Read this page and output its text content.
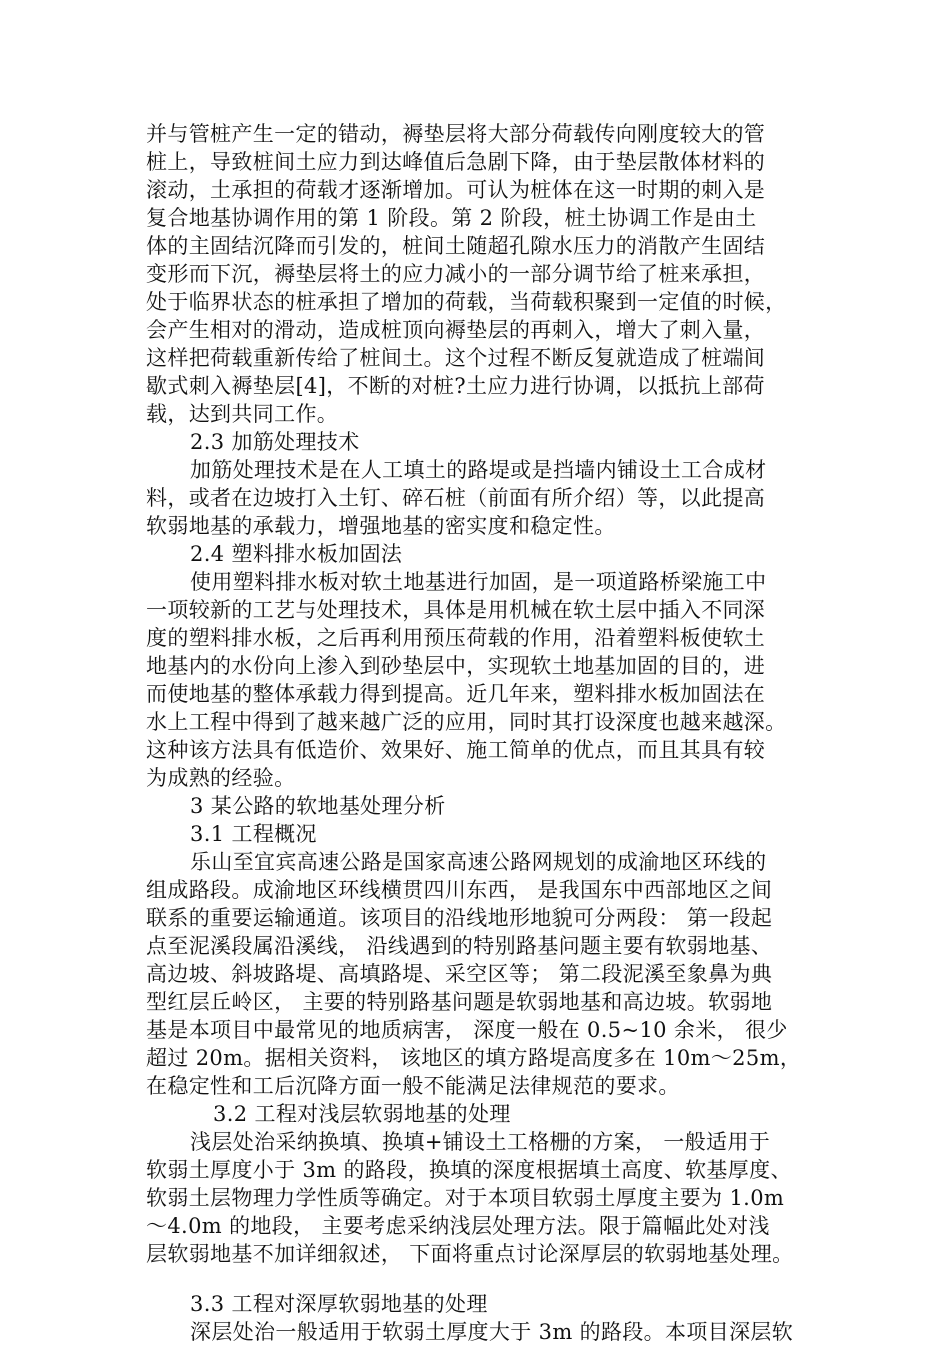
并与管桩产生一定的错动，褥垫层将大部分荷载传向刚度较大的管
桩上，导致桩间土应力到达峰值后急剧下降，由于垫层散体材料的
滚动，土承担的荷载才逐渐增加。可认为桩体在这一时期的刺入是
复合地基协调作用的第 1 阶段。第 2 阶段，桩土协调工作是由土
体的主固结沉降而引发的，桩间土随超孔隙水压力的消散产生固结
变形而下沉，褥垫层将土的应力减小的一部分调节给了桩来承担，
处于临界状态的桩承担了增加的荷载，当荷载积聚到一定值的时候，
会产生相对的滑动，造成桩顶向褥垫层的再刺入，增大了刺入量，
这样把荷载重新传给了桩间土。这个过程不断反复就造成了桩端间
歇式刺入褥垫层[4]，不断的对桩?土应力进行协调，以抵抗上部荷
载，达到共同工作。
2.3 加筋处理技术
加筋处理技术是在人工填土的路堤或是挡墙内铺设土工合成材
料，或者在边坡打入土钉、碎石桩（前面有所介绍）等，以此提高
软弱地基的承载力，增强地基的密实度和稳定性。
2.4 塑料排水板加固法
使用塑料排水板对软土地基进行加固，是一项道路桥梁施工中
一项较新的工艺与处理技术，具体是用机械在软土层中插入不同深
度的塑料排水板，之后再利用预压荷载的作用，沿着塑料板使软土
地基内的水份向上渗入到砂垫层中，实现软土地基加固的目的，进
而使地基的整体承载力得到提高。近几年来，塑料排水板加固法在
水上工程中得到了越来越广泛的应用，同时其打设深度也越来越深。
这种该方法具有低造价、效果好、施工简单的优点，而且其具有较
为成熟的经验。
3 某公路的软地基处理分析
3.1 工程概况
乐山至宜宾高速公路是国家高速公路网规划的成渝地区环线的
组成路段。成渝地区环线横贯四川东西， 是我国东中西部地区之间
联系的重要运输通道。该项目的沿线地形地貌可分两段： 第一段起
点至泥溪段属沿溪线， 沿线遇到的特别路基问题主要有软弱地基、
高边坡、斜坡路堤、高填路堤、采空区等； 第二段泥溪至象鼻为典
型红层丘岭区， 主要的特别路基问题是软弱地基和高边坡。软弱地
基是本项目中最常见的地质病害， 深度一般在 0.5~10 余米， 很少
超过 20m。据相关资料， 该地区的填方路堤高度多在 10m～25m，
在稳定性和工后沉降方面一般不能满足法律规范的要求。
3.2 工程对浅层软弱地基的处理
浅层处治采纳换填、换填+铺设土工格栅的方案， 一般适用于
软弱土厚度小于 3m 的路段，换填的深度根据填土高度、软基厚度、
软弱土层物理力学性质等确定。对于本项目软弱土厚度主要为 1.0m
～4.0m 的地段， 主要考虑采纳浅层处理方法。限于篇幅此处对浅
层软弱地基不加详细叙述， 下面将重点讨论深厚层的软弱地基处理。
3.3 工程对深厚软弱地基的处理
深层处治一般适用于软弱土厚度大于 3m 的路段。本项目深层软
